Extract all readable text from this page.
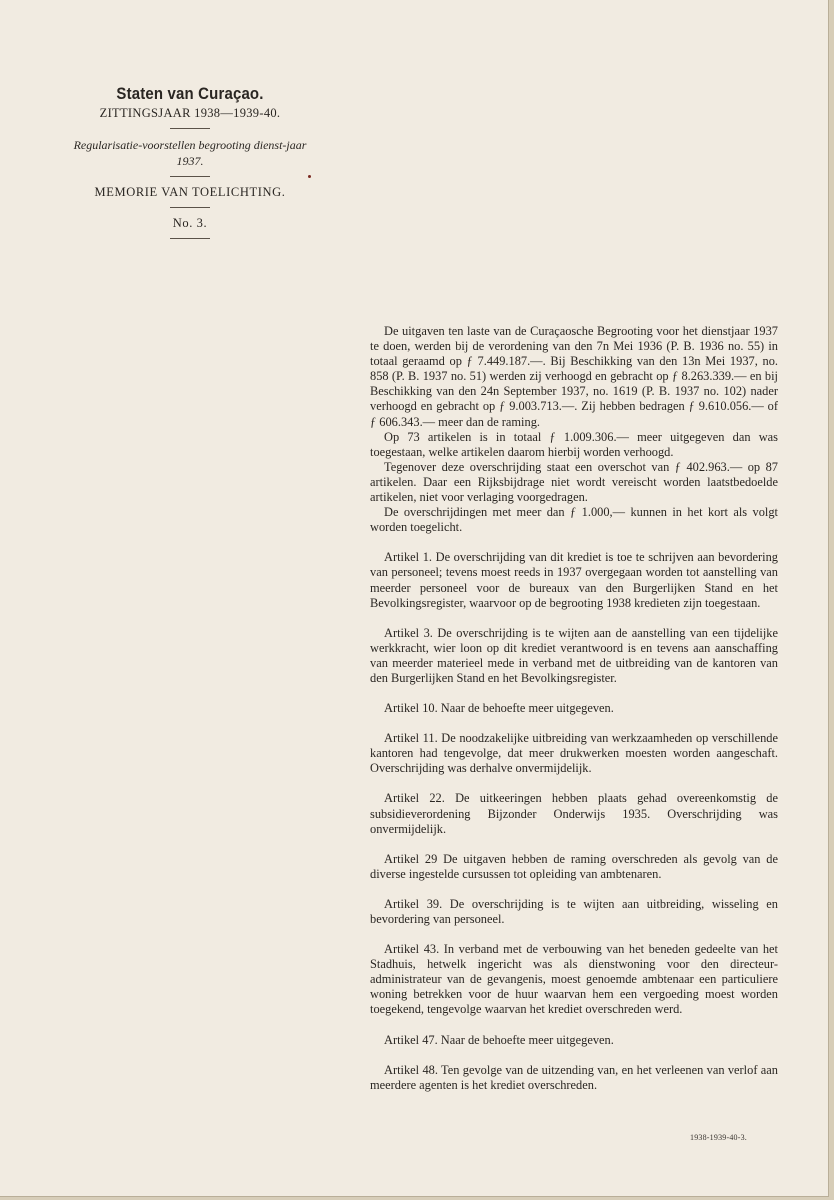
Staten van Curaçao.
ZITTINGSJAAR 1938—1939-40.
Regularisatie-voorstellen begrooting dienst-jaar 1937.
MEMORIE VAN TOELICHTING.
No. 3.

De uitgaven ten laste van de Curaçaosche Begrooting voor het dienstjaar 1937 te doen, werden bij de verordening van den 7n Mei 1936 (P. B. 1936 no. 55) in totaal geraamd op ƒ 7.449.187.—. Bij Beschikking van den 13n Mei 1937, no. 858 (P. B. 1937 no. 51) werden zij verhoogd en gebracht op ƒ 8.263.339.— en bij Beschikking van den 24n September 1937, no. 1619 (P. B. 1937 no. 102) nader verhoogd en gebracht op ƒ 9.003.713.—. Zij hebben bedragen ƒ 9.610.056.— of ƒ 606.343.— meer dan de raming.

Op 73 artikelen is in totaal ƒ 1.009.306.— meer uitgegeven dan was toegestaan, welke artikelen daarom hierbij worden verhoogd.

Tegenover deze overschrijding staat een overschot van ƒ 402.963.— op 87 artikelen. Daar een Rijksbijdrage niet wordt vereischt worden laatstbedoelde artikelen, niet voor verlaging voorgedragen.

De overschrijdingen met meer dan ƒ 1.000,— kunnen in het kort als volgt worden toegelicht.

Artikel 1. De overschrijding van dit krediet is toe te schrijven aan bevordering van personeel; tevens moest reeds in 1937 overgegaan worden tot aanstelling van meerder personeel voor de bureaux van den Burgerlijken Stand en het Bevolkingsregister, waarvoor op de begrooting 1938 kredieten zijn toegestaan.

Artikel 3. De overschrijding is te wijten aan de aanstelling van een tijdelijke werkkracht, wier loon op dit krediet verantwoord is en tevens aan aanschaffing van meerder materieel mede in verband met de uitbreiding van de kantoren van den Burgerlijken Stand en het Bevolkingsregister.

Artikel 10. Naar de behoefte meer uitgegeven.

Artikel 11. De noodzakelijke uitbreiding van werkzaamheden op verschillende kantoren had tengevolge, dat meer drukwerken moesten worden aangeschaft. Overschrijding was derhalve onvermijdelijk.

Artikel 22. De uitkeeringen hebben plaats gehad overeenkomstig de subsidieverordening Bijzonder Onderwijs 1935. Overschrijding was onvermijdelijk.

Artikel 29 De uitgaven hebben de raming overschreden als gevolg van de diverse ingestelde cursussen tot opleiding van ambtenaren.

Artikel 39. De overschrijding is te wijten aan uitbreiding, wisseling en bevordering van personeel.

Artikel 43. In verband met de verbouwing van het beneden gedeelte van het Stadhuis, hetwelk ingericht was als dienstwoning voor den directeur-administrateur van de gevangenis, moest genoemde ambtenaar een particuliere woning betrekken voor de huur waarvan hem een vergoeding moest worden toegekend, tengevolge waarvan het krediet overschreden werd.

Artikel 47. Naar de behoefte meer uitgegeven.

Artikel 48. Ten gevolge van de uitzending van, en het verleenen van verlof aan meerdere agenten is het krediet overschreden.

1938-1939-40-3.
